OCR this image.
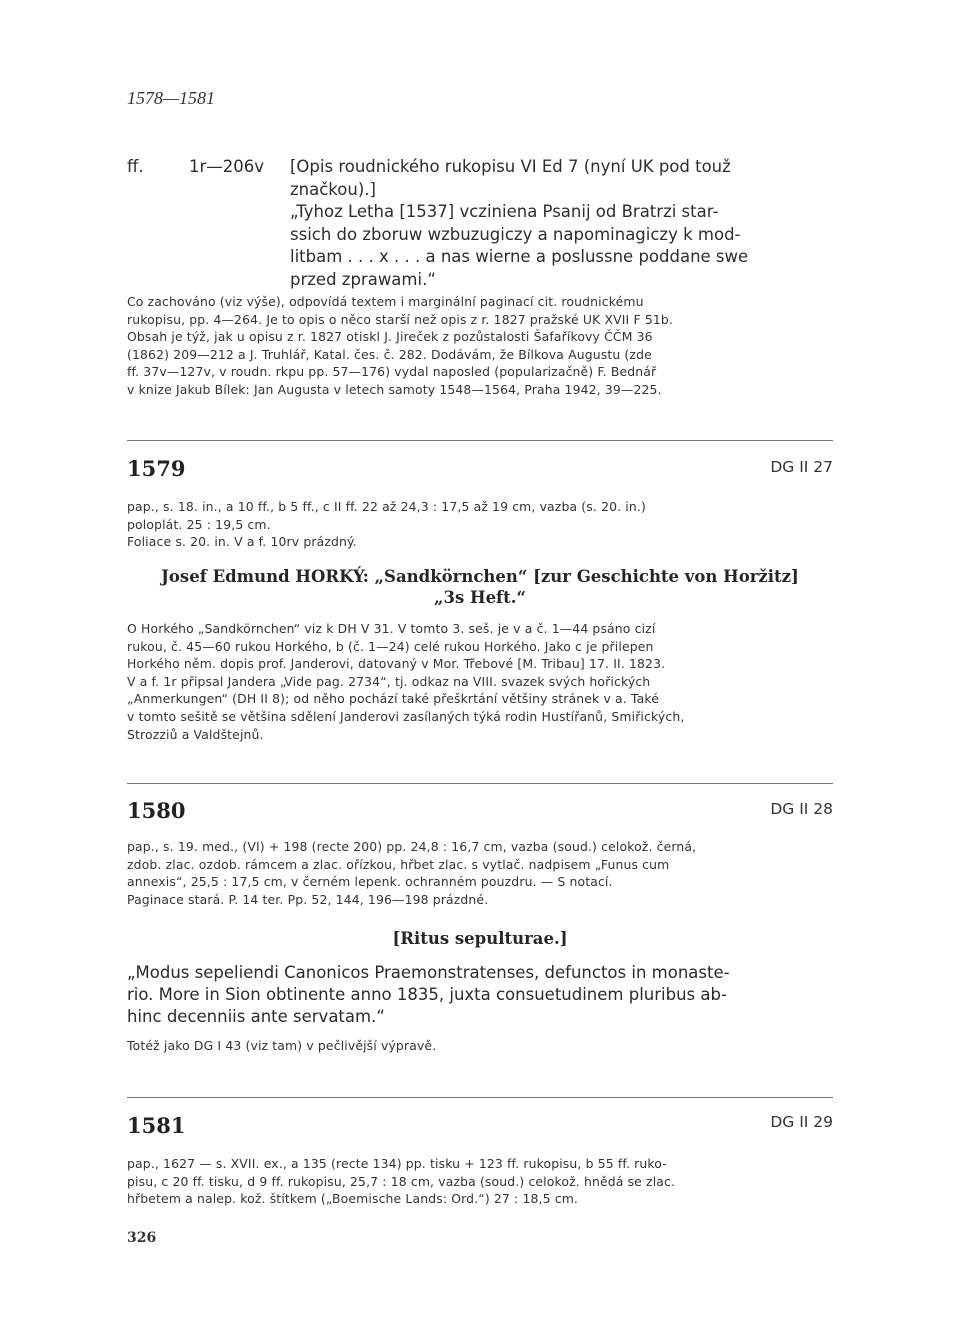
1578—1581
ff.	1r—206v [Opis roudnického rukopisu VI Ed 7 (nyní UK pod touž

značkou).]

„Tyhoz Letha [1537] vcziniena Psanij od Bratrzi star-

ssich do zboruw wzbuzugiczy a napominagiczy k mod-

litbam . . . x . . . a nas wierne a poslussne poddane swe

przed zprawami.“

Co zachováno (viz výše), odpovídá textem i marginální paginací cit. roudnickému
rukopisu, pp. 4—264. Je to opis o něco starší než opis z r. 1827 pražské UK XVII F 51b.
Obsah je týž, jak u opisu z r. 1827 otiskl J. Jireček z pozůstalosti Šafaříkovy ČČM 36
(1862) 209—212 a J. Truhlář, Katal. čes. č. 282. Dodávám, že Bílkova Augustu (zde
ff. 37v—127v, v roudn. rkpu pp. 57—176) vydal naposled (popularizačně) F. Bednář
v knize Jakub Bílek: Jan Augusta v letech samoty 1548—1564, Praha 1942, 39—225.
1579	DG II 27
pap., s. 18. in., a 10 ff., b 5 ff., c II ff. 22 až 24,3 : 17,5 až 19 cm, vazba (s. 20. in.)
poloplát. 25 : 19,5 cm.
Foliace s. 20. in. V a f. 10rv prázdný.
Josef Edmund HORKÝ: „Sandkörnchen“ [zur Geschichte von Horžitz]
„3s Heft.“
O Horkého „Sandkörnchen“ viz k DH V 31. V tomto 3. seš. je v a č. 1—44 psáno cizí
rukou, č. 45—60 rukou Horkého, b (č. 1—24) celé rukou Horkého. Jako c je přilepen
Horkého něm. dopis prof. Janderovi, datovaný v Mor. Třebové [M. Tribau] 17. II. 1823.
V a f. 1r připsal Jandera „Vide pag. 2734“, tj. odkaz na VIII. svazek svých hořických
„Anmerkungen“ (DH II 8); od něho pochází také přeškrtání většiny stránek v a. Také
v tomto sešitě se většina sdělení Janderovi zasílaných týká rodin Hustířanů, Smiřických,
Strozziů a Valdštejnů.
1580	DG II 28
pap., s. 19. med., (VI) + 198 (recte 200) pp. 24,8 : 16,7 cm, vazba (soud.) celokož. černá,
zdob. zlac. ozdob. rámcem a zlac. ořízkou, hřbet zlac. s vytlač. nadpisem „Funus cum
annexis“, 25,5 : 17,5 cm, v černém lepenk. ochranném pouzdru. — S notací.
Paginace stará. P. 14 ter. Pp. 52, 144, 196—198 prázdné.
[Ritus sepulturae.]
„Modus sepeliendi Canonicos Praemonstratenses, defunctos in monaste-
rio. More in Sion obtinente anno 1835, juxta consuetudinem pluribus ab-
hinc decenniis ante servatam.“
Totéž jako DG I 43 (viz tam) v pečlivější výpravě.
1581	DG II 29
pap., 1627 — s. XVII. ex., a 135 (recte 134) pp. tisku + 123 ff. rukopisu, b 55 ff. ruko-
pisu, c 20 ff. tisku, d 9 ff. rukopisu, 25,7 : 18 cm, vazba (soud.) celokož. hnědá se zlac.
hřbetem a nalep. kož. štítkem („Boemische Lands: Ord.“) 27 : 18,5 cm.
326
